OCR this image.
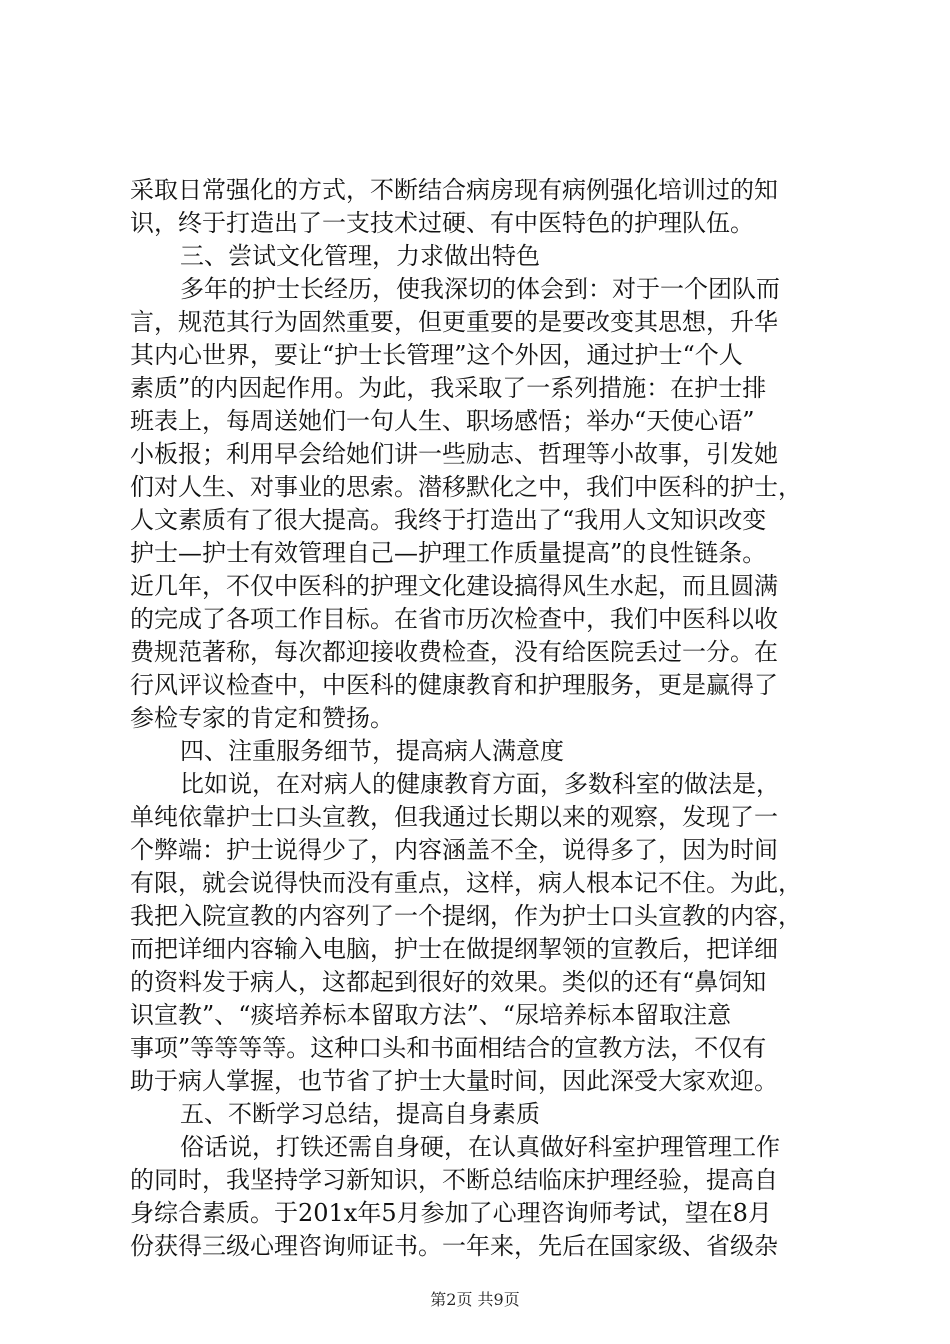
采取日常强化的方式，不断结合病房现有病例强化培训过的知
识，终于打造出了一支技术过硬、有中医特色的护理队伍。
三、尝试文化管理，力求做出特色
多年的护士长经历，使我深切的体会到：对于一个团队而
言，规范其行为固然重要，但更重要的是要改变其思想，升华
其内心世界，要让“护士长管理”这个外因，通过护士“个人
素质”的内因起作用。为此，我采取了一系列措施：在护士排
班表上，每周送她们一句人生、职场感悟；举办“天使心语”
小板报；利用早会给她们讲一些励志、哲理等小故事，引发她
们对人生、对事业的思索。潜移默化之中，我们中医科的护士，
人文素质有了很大提高。我终于打造出了“我用人文知识改变
护士—护士有效管理自己—护理工作质量提高”的良性链条。
近几年，不仅中医科的护理文化建设搞得风生水起，而且圆满
的完成了各项工作目标。在省市历次检查中，我们中医科以收
费规范著称，每次都迎接收费检查，没有给医院丢过一分。在
行风评议检查中，中医科的健康教育和护理服务，更是赢得了
参检专家的肯定和赞扬。
四、注重服务细节，提高病人满意度
比如说，在对病人的健康教育方面，多数科室的做法是，
单纯依靠护士口头宣教，但我通过长期以来的观察，发现了一
个弊端：护士说得少了，内容涵盖不全，说得多了，因为时间
有限，就会说得快而没有重点，这样，病人根本记不住。为此，
我把入院宣教的内容列了一个提纲，作为护士口头宣教的内容，
而把详细内容输入电脑，护士在做提纲挈领的宣教后，把详细
的资料发于病人，这都起到很好的效果。类似的还有“鼻饲知
识宣教”、“痰培养标本留取方法”、“尿培养标本留取注意
事项”等等等等。这种口头和书面相结合的宣教方法，不仅有
助于病人掌握，也节省了护士大量时间，因此深受大家欢迎。
五、不断学习总结，提高自身素质
俗话说，打铁还需自身硬，在认真做好科室护理管理工作
的同时，我坚持学习新知识，不断总结临床护理经验，提高自
身综合素质。于201x年5月参加了心理咨询师考试，望在8月
份获得三级心理咨询师证书。一年来，先后在国家级、省级杂
第2页 共9页
